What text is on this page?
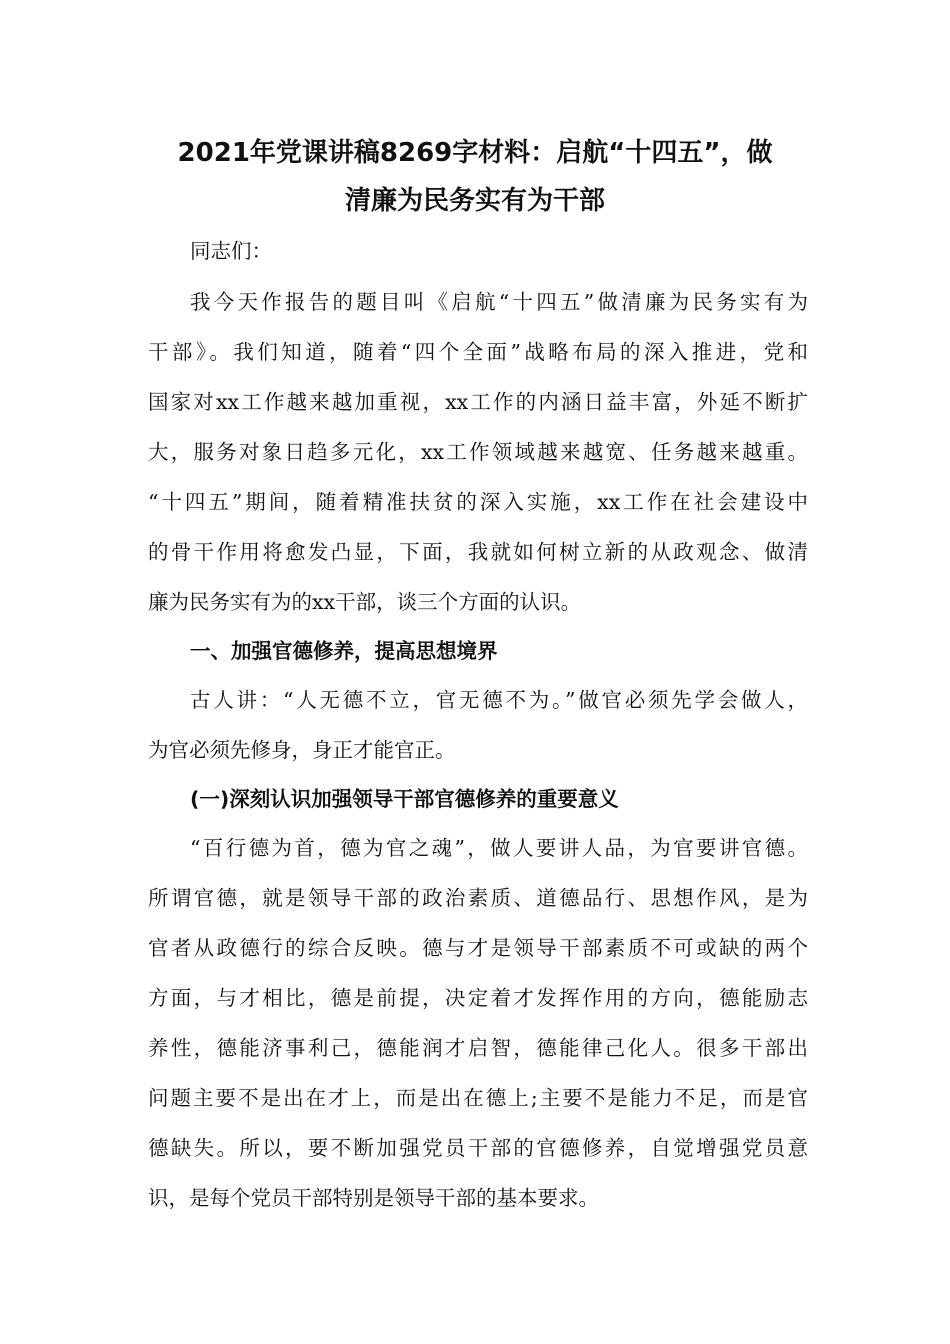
2021年党课讲稿8269字材料：启航“十四五”，做
清廉为民务实有为干部
同志们：
我今天作报告的题目叫《启航“十四五”做清廉为民务实有为
干部》。我们知道，随着“四个全面”战略布局的深入推进，党和
国家对xx工作越来越加重视，xx工作的内涵日益丰富，外延不断扩
大，服务对象日趋多元化，xx工作领域越来越宽、任务越来越重。
“十四五”期间，随着精准扶贫的深入实施，xx工作在社会建设中
的骨干作用将愈发凸显，下面，我就如何树立新的从政观念、做清
廉为民务实有为的xx干部，谈三个方面的认识。
一、加强官德修养，提高思想境界
古人讲：“人无德不立，官无德不为。”做官必须先学会做人，
为官必须先修身，身正才能官正。
(一)深刻认识加强领导干部官德修养的重要意义
“百行德为首，德为官之魂”，做人要讲人品，为官要讲官德。
所谓官德，就是领导干部的政治素质、道德品行、思想作风，是为
官者从政德行的综合反映。德与才是领导干部素质不可或缺的两个
方面，与才相比，德是前提，决定着才发挥作用的方向，德能励志
养性，德能济事利己，德能润才启智，德能律己化人。很多干部出
问题主要不是出在才上，而是出在德上;主要不是能力不足，而是官
德缺失。所以，要不断加强党员干部的官德修养，自觉增强党员意
识，是每个党员干部特别是领导干部的基本要求。
